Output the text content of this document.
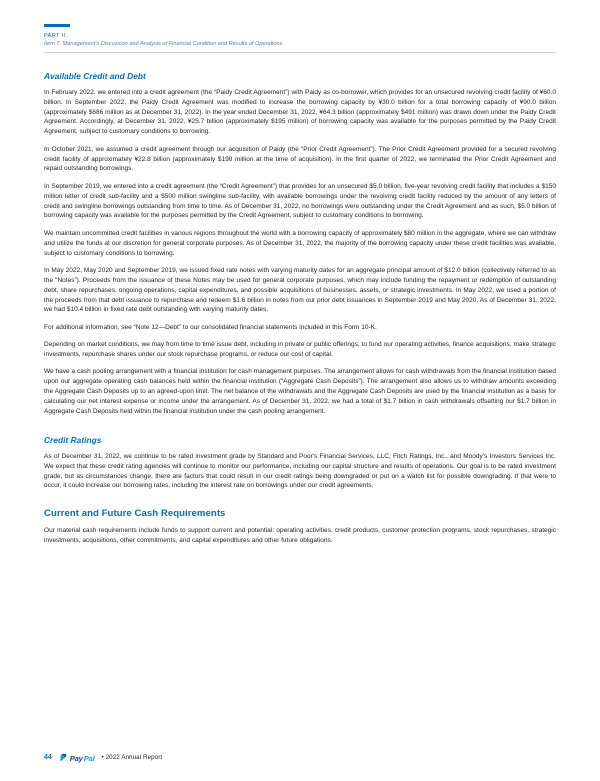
PART II
Item 7. Management's Discussion and Analysis of Financial Condition and Results of Operations
Available Credit and Debt

In February 2022, we entered into a credit agreement (the “Paidy Credit Agreement”) with Paidy as co-borrower, which provides for an unsecured revolving credit facility of ¥60.0 billion. In September 2022, the Paidy Credit Agreement was modified to increase the borrowing capacity by ¥30.0 billion for a total borrowing capacity of ¥90.0 billion (approximately $686 million as at December 31, 2022). In the year ended December 31, 2022, ¥64.3 billion (approximately $491 million) was drawn down under the Paidy Credit Agreement. Accordingly, at December 31, 2022, ¥25.7 billion (approximately $195 million) of borrowing capacity was available for the purposes permitted by the Paidy Credit Agreement, subject to customary conditions to borrowing.

In October 2021, we assumed a credit agreement through our acquisition of Paidy (the “Prior Credit Agreement”). The Prior Credit Agreement provided for a secured revolving credit facility of approximately ¥22.8 billion (approximately $198 million at the time of acquisition). In the first quarter of 2022, we terminated the Prior Credit Agreement and repaid outstanding borrowings.

In September 2019, we entered into a credit agreement (the “Credit Agreement”) that provides for an unsecured $5.0 billion, five-year revolving credit facility that includes a $150 million letter of credit sub-facility and a $500 million swingline sub-facility, with available borrowings under the revolving credit facility reduced by the amount of any letters of credit and swingline borrowings outstanding from time to time. As of December 31, 2022, no borrowings were outstanding under the Credit Agreement and as such, $5.0 billion of borrowing capacity was available for the purposes permitted by the Credit Agreement, subject to customary conditions to borrowing.

We maintain uncommitted credit facilities in various regions throughout the world with a borrowing capacity of approximately $80 million in the aggregate, where we can withdraw and utilize the funds at our discretion for general corporate purposes. As of December 31, 2022, the majority of the borrowing capacity under these credit facilities was available, subject to customary conditions to borrowing.

In May 2022, May 2020 and September 2019, we issued fixed rate notes with varying maturity dates for an aggregate principal amount of $12.0 billion (collectively referred to as the “Notes”). Proceeds from the issuance of these Notes may be used for general corporate purposes, which may include funding the repayment or redemption of outstanding debt, share repurchases, ongoing operations, capital expenditures, and possible acquisitions of businesses, assets, or strategic investments. In May 2022, we used a portion of the proceeds from that debt issuance to repurchase and redeem $1.6 billion in notes from our prior debt issuances in September 2019 and May 2020. As of December 31, 2022, we had $10.4 billion in fixed rate debt outstanding with varying maturity dates.

For additional information, see “Note 12—Debt” to our consolidated financial statements included in this Form 10-K.

Depending on market conditions, we may from time to time issue debt, including in private or public offerings, to fund our operating activities, finance acquisitions, make strategic investments, repurchase shares under our stock repurchase programs, or reduce our cost of capital.

We have a cash pooling arrangement with a financial institution for cash management purposes. The arrangement allows for cash withdrawals from the financial institution based upon our aggregate operating cash balances held within the financial institution (“Aggregate Cash Deposits”). The arrangement also allows us to withdraw amounts exceeding the Aggregate Cash Deposits up to an agreed-upon limit. The net balance of the withdrawals and the Aggregate Cash Deposits are used by the financial institution as a basis for calculating our net interest expense or income under the arrangement. As of December 31, 2022, we had a total of $1.7 billion in cash withdrawals offsetting our $1.7 billion in Aggregate Cash Deposits held within the financial institution under the cash pooling arrangement.

Credit Ratings

As of December 31, 2022, we continue to be rated investment grade by Standard and Poor's Financial Services, LLC, Fitch Ratings, Inc., and Moody's Investors Services Inc. We expect that these credit rating agencies will continue to monitor our performance, including our capital structure and results of operations. Our goal is to be rated investment grade, but as circumstances change, there are factors that could result in our credit ratings being downgraded or put on a watch list for possible downgrading. If that were to occur, it could increase our borrowing rates, including the interest rate on borrowings under our credit agreements.

Current and Future Cash Requirements

Our material cash requirements include funds to support current and potential: operating activities, credit products, customer protection programs, stock repurchases, strategic investments, acquisitions, other commitments, and capital expenditures and other future obligations.

44 Pay Pal • 2022 Annual Report
